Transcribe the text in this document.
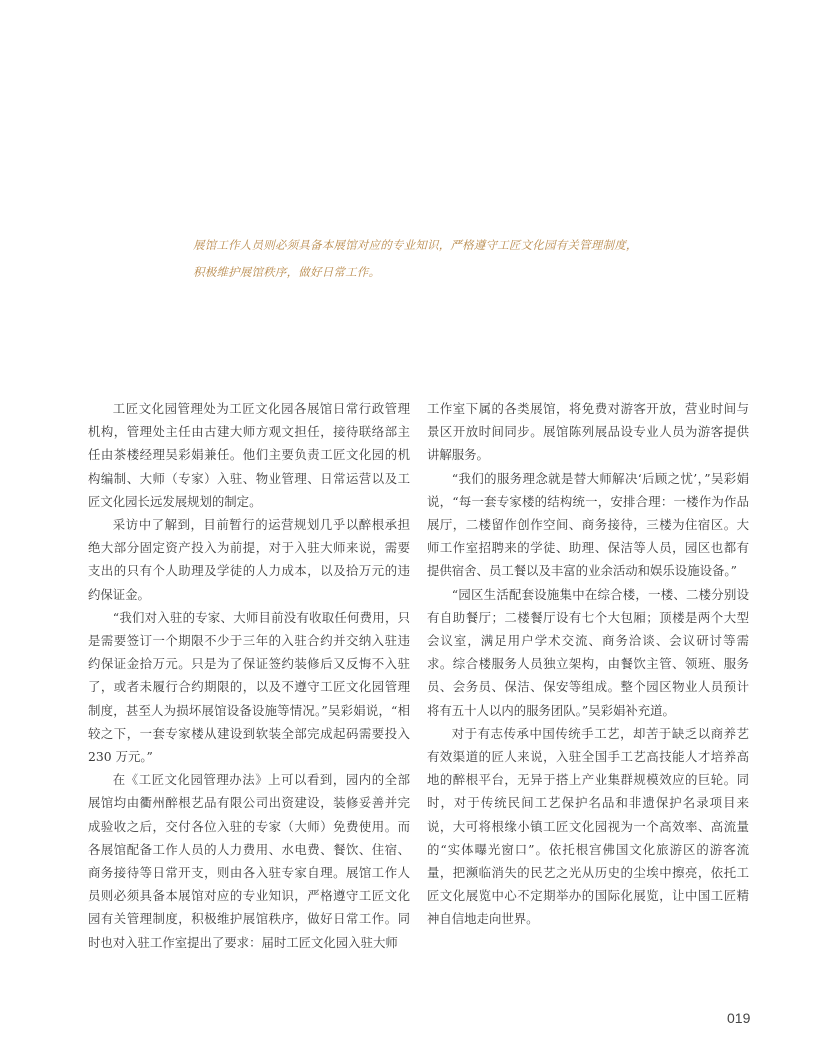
展馆工作人员则必须具备本展馆对应的专业知识，严格遵守工匠文化园有关管理制度，
积极维护展馆秩序，做好日常工作。

工匠文化园管理处为工匠文化园各展馆日常行政管理机构，管理处主任由古建大师方观文担任，接待联络部主任由茶楼经理吴彩娟兼任。他们主要负责工匠文化园的机构编制、大师（专家）入驻、物业管理、日常运营以及工匠文化园长远发展规划的制定。

采访中了解到，目前暂行的运营规划几乎以醉根承担绝大部分固定资产投入为前提，对于入驻大师来说，需要支出的只有个人助理及学徒的人力成本，以及拾万元的违约保证金。

“我们对入驻的专家、大师目前没有收取任何费用，只是需要签订一个期限不少于三年的入驻合约并交纳入驻违约保证金拾万元。只是为了保证签约装修后又反悔不入驻了，或者未履行合约期限的，以及不遵守工匠文化园管理制度，甚至人为损坏展馆设备设施等情况。”吴彩娟说，“相较之下，一套专家楼从建设到软装全部完成起码需要投入 230 万元。”

在《工匠文化园管理办法》上可以看到，园内的全部展馆均由衢州醉根艺品有限公司出资建设，装修妥善并完成验收之后，交付各位入驻的专家（大师）免费使用。而各展馆配备工作人员的人力费用、水电费、餐饮、住宿、商务接待等日常开支，则由各入驻专家自理。展馆工作人员则必须具备本展馆对应的专业知识，严格遵守工匠文化园有关管理制度，积极维护展馆秩序，做好日常工作。同时也对入驻工作室提出了要求：届时工匠文化园入驻大师

工作室下属的各类展馆，将免费对游客开放，营业时间与景区开放时间同步。展馆陈列展品设专业人员为游客提供讲解服务。

“我们的服务理念就是替大师解决‘后顾之忧’，”吴彩娟说，“每一套专家楼的结构统一，安排合理：一楼作为作品展厅，二楼留作创作空间、商务接待，三楼为住宿区。大师工作室招聘来的学徒、助理、保洁等人员，园区也都有提供宿舍、员工餐以及丰富的业余活动和娱乐设施设备。”

“园区生活配套设施集中在综合楼，一楼、二楼分别设有自助餐厅；二楼餐厅设有七个大包厢；顶楼是两个大型会议室，满足用户学术交流、商务洽谈、会议研讨等需求。综合楼服务人员独立架构，由餐饮主管、领班、服务员、会务员、保洁、保安等组成。整个园区物业人员预计将有五十人以内的服务团队。”吴彩娟补充道。

对于有志传承中国传统手工艺，却苦于缺乏以商养艺有效渠道的匠人来说，入驻全国手工艺高技能人才培养高地的醉根平台，无异于搭上产业集群规模效应的巨轮。同时，对于传统民间工艺保护名品和非遗保护名录项目来说，大可将根缘小镇工匠文化园视为一个高效率、高流量的“实体曝光窗口”。依托根宫佛国文化旅游区的游客流量，把濒临消失的民艺之光从历史的尘埃中擦亮，依托工匠文化展览中心不定期举办的国际化展览，让中国工匠精神自信地走向世界。

019
